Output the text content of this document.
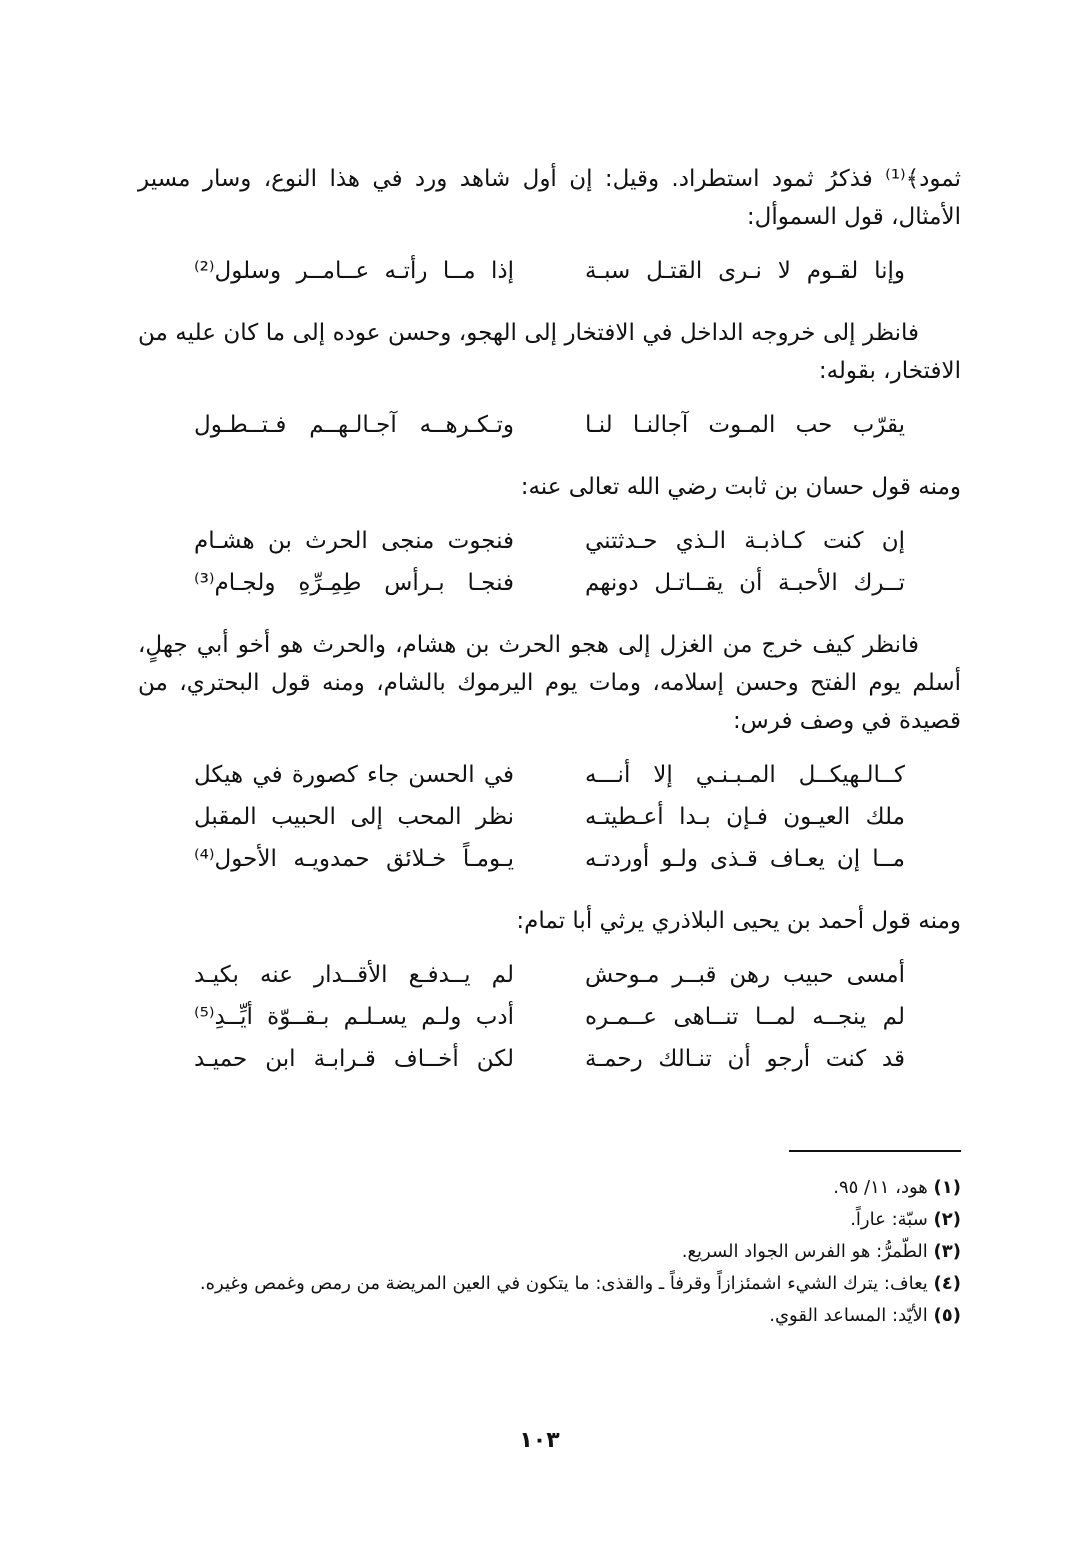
ثمود﴾⁽¹⁾ فذكرُ ثمود استطراد. وقيل: إن أول شاهد ورد في هذا النوع، وسار مسير الأمثال، قول السموأل:

وإنا لقـوم لا نـرى القتـل سبـة
إذا مــا رأتـه عــامــر وسلول⁽²⁾

فانظر إلى خروجه الداخل في الافتخار إلى الهجو، وحسن عوده إلى ما كان عليه من الافتخار، بقوله:

يقرّب حب المـوت آجالنـا لنـا
وتـكـرهــه آجـالـهــم فـتــطـول

ومنه قول حسان بن ثابت رضي الله تعالى عنه:

إن كنت كـاذبـة الـذي حـدثتني
فنجوت منجى الحرث بن هشـام
تــرك الأحبـة أن يقــاتـل دونهم
فنجـا بـرأس طِمِـرِّهِ ولجـام⁽³⁾

فانظر كيف خرج من الغزل إلى هجو الحرث بن هشام، والحرث هو أخو أبي جهلٍ، أسلم يوم الفتح وحسن إسلامه، ومات يوم اليرموك بالشام، ومنه قول البحتري، من قصيدة في وصف فرس:

كــالـهيكــل المـبـنـي إلا أنـــه
في الحسن جاء كصورة في هيكل
ملك العيـون فـإن بـدا أعـطيتـه
نظر المحب إلى الحبيب المقبل
مــا إن يعـاف قـذى ولـو أوردتـه
يـومـاً خـلائق حمدويـه الأحول⁽⁴⁾

ومنه قول أحمد بن يحيى البلاذري يرثي أبا تمام:

أمسى حبيب رهن قبــر مـوحش
لم يــدفـع الأقــدار عنه بكيـد
لم ينجــه لمــا تنــاهى عــمـره
أدب ولـم يسـلـم بـقــوّة أيِّــدِ⁽⁵⁾
قد كنت أرجو أن تنـالك رحمـة
لكن أخــاف قـرابـة ابن حميـد

(١) هود، ١١/ ٩٥.

(٢) سبّة: عاراً.

(٣) الطّمرُّ: هو الفرس الجواد السريع.

(٤) يعاف: يترك الشيء اشمئزازاً وقرفاً ـ والقذى: ما يتكون في العين المريضة من رمص وغمص وغيره.

(٥) الأيّد: المساعد القوي.

١٠٣
